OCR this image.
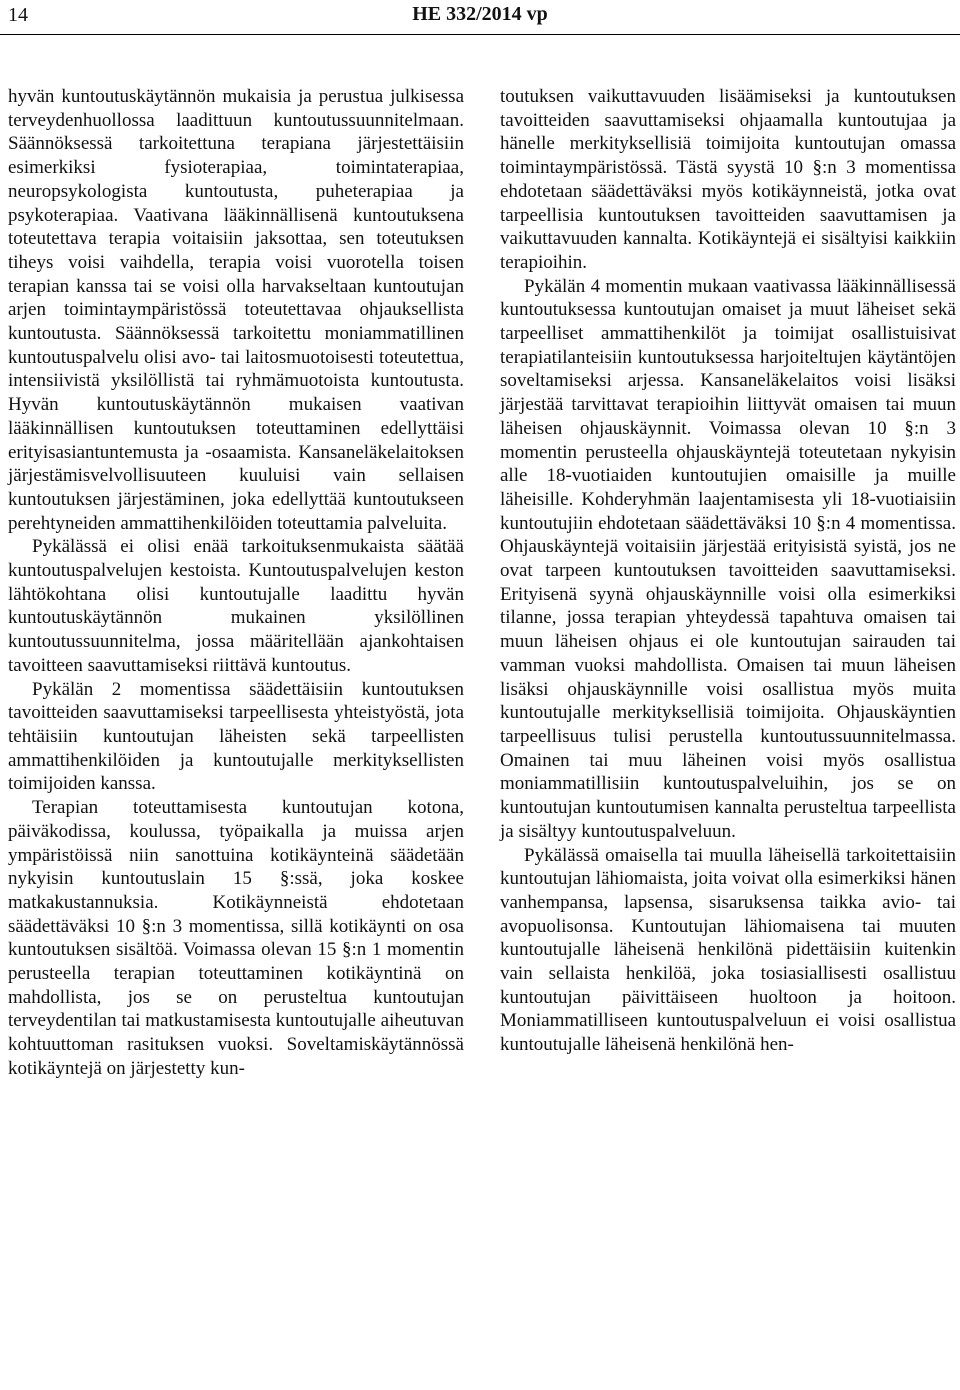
14	HE 332/2014 vp

hyvän kuntoutuskäytännön mukaisia ja perustua julkisessa terveydenhuollossa laadittuun kuntoutussuunnitelmaan. Säännöksessä tarkoitettuna terapiana järjestettäisiin esimerkiksi fysioterapiaa, toimintaterapiaa, neuropsykologista kuntoutusta, puheterapiaa ja psykoterapiaa. Vaativana lääkinnällisenä kuntoutuksena toteutettava terapia voitaisiin jaksottaa, sen toteutuksen tiheys voisi vaihdella, terapia voisi vuorotella toisen terapian kanssa tai se voisi olla harvakseltaan kuntoutujan arjen toimintaympäristössä toteutettavaa ohjauksellista kuntoutusta. Säännöksessä tarkoitettu moniammatillinen kuntoutuspalvelu olisi avo- tai laitosmuotoisesti toteutettua, intensiivistä yksilöllistä tai ryhmämuotoista kuntoutusta. Hyvän kuntoutuskäytännön mukaisen vaativan lääkinnällisen kuntoutuksen toteuttaminen edellyttäisi erityisasiantuntemusta ja -osaamista. Kansaneläkelaitoksen järjestämisvelvollisuuteen kuuluisi vain sellaisen kuntoutuksen järjestäminen, joka edellyttää kuntoutukseen perehtyneiden ammattihenkilöiden toteuttamia palveluita.

Pykälässä ei olisi enää tarkoituksenmukaista säätää kuntoutuspalvelujen kestoista. Kuntoutuspalvelujen keston lähtökohtana olisi kuntoutujalle laadittu hyvän kuntoutuskäytännön mukainen yksilöllinen kuntoutussuunnitelma, jossa määritellään ajankohtaisen tavoitteen saavuttamiseksi riittävä kuntoutus.

Pykälän 2 momentissa säädettäisiin kuntoutuksen tavoitteiden saavuttamiseksi tarpeellisesta yhteistyöstä, jota tehtäisiin kuntoutujan läheisten sekä tarpeellisten ammattihenkilöiden ja kuntoutujalle merkityksellisten toimijoiden kanssa.

Terapian toteuttamisesta kuntoutujan kotona, päiväkodissa, koulussa, työpaikalla ja muissa arjen ympäristöissä niin sanottuina kotikäynteinä säädetään nykyisin kuntoutuslain 15 §:ssä, joka koskee matkakustannuksia. Kotikäynneistä ehdotetaan säädettäväksi 10 §:n 3 momentissa, sillä kotikäynti on osa kuntoutuksen sisältöä. Voimassa olevan 15 §:n 1 momentin perusteella terapian toteuttaminen kotikäyntinä on mahdollista, jos se on perusteltua kuntoutujan terveydentilan tai matkustamisesta kuntoutujalle aiheutuvan kohtuuttoman rasituksen vuoksi. Soveltamiskäytännössä kotikäyntejä on järjestetty kun-

toutuksen vaikuttavuuden lisäämiseksi ja kuntoutuksen tavoitteiden saavuttamiseksi ohjaamalla kuntoutujaa ja hänelle merkityksellisiä toimijoita kuntoutujan omassa toimintaympäristössä. Tästä syystä 10 §:n 3 momentissa ehdotetaan säädettäväksi myös kotikäynneistä, jotka ovat tarpeellisia kuntoutuksen tavoitteiden saavuttamisen ja vaikuttavuuden kannalta. Kotikäyntejä ei sisältyisi kaikkiin terapioihin.

Pykälän 4 momentin mukaan vaativassa lääkinnällisessä kuntoutuksessa kuntoutujan omaiset ja muut läheiset sekä tarpeelliset ammattihenkilöt ja toimijat osallistuisivat terapiatilanteisiin kuntoutuksessa harjoiteltujen käytäntöjen soveltamiseksi arjessa. Kansaneläkelaitos voisi lisäksi järjestää tarvittavat terapioihin liittyvät omaisen tai muun läheisen ohjauskäynnit. Voimassa olevan 10 §:n 3 momentin perusteella ohjauskäyntejä toteutetaan nykyisin alle 18-vuotiaiden kuntoutujien omaisille ja muille läheisille. Kohderyhmän laajentamisesta yli 18-vuotiaisiin kuntoutujiin ehdotetaan säädettäväksi 10 §:n 4 momentissa. Ohjauskäyntejä voitaisiin järjestää erityisistä syistä, jos ne ovat tarpeen kuntoutuksen tavoitteiden saavuttamiseksi. Erityisenä syynä ohjauskäynnille voisi olla esimerkiksi tilanne, jossa terapian yhteydessä tapahtuva omaisen tai muun läheisen ohjaus ei ole kuntoutujan sairauden tai vamman vuoksi mahdollista. Omaisen tai muun läheisen lisäksi ohjauskäynnille voisi osallistua myös muita kuntoutujalle merkityksellisiä toimijoita. Ohjauskäyntien tarpeellisuus tulisi perustella kuntoutussuunnitelmassa. Omainen tai muu läheinen voisi myös osallistua moniammatillisiin kuntoutuspalveluihin, jos se on kuntoutujan kuntoutumisen kannalta perusteltua tarpeellista ja sisältyy kuntoutuspalveluun.

Pykälässä omaisella tai muulla läheisellä tarkoitettaisiin kuntoutujan lähiomaista, joita voivat olla esimerkiksi hänen vanhempansa, lapsensa, sisaruksensa taikka avio- tai avopuolisonsa. Kuntoutujan lähiomaisena tai muuten kuntoutujalle läheisenä henkilönä pidettäisiin kuitenkin vain sellaista henkilöä, joka tosiasiallisesti osallistuu kuntoutujan päivittäiseen huoltoon ja hoitoon. Moniammatilliseen kuntoutuspalveluun ei voisi osallistua kuntoutujalle läheisenä henkilönä hen-
